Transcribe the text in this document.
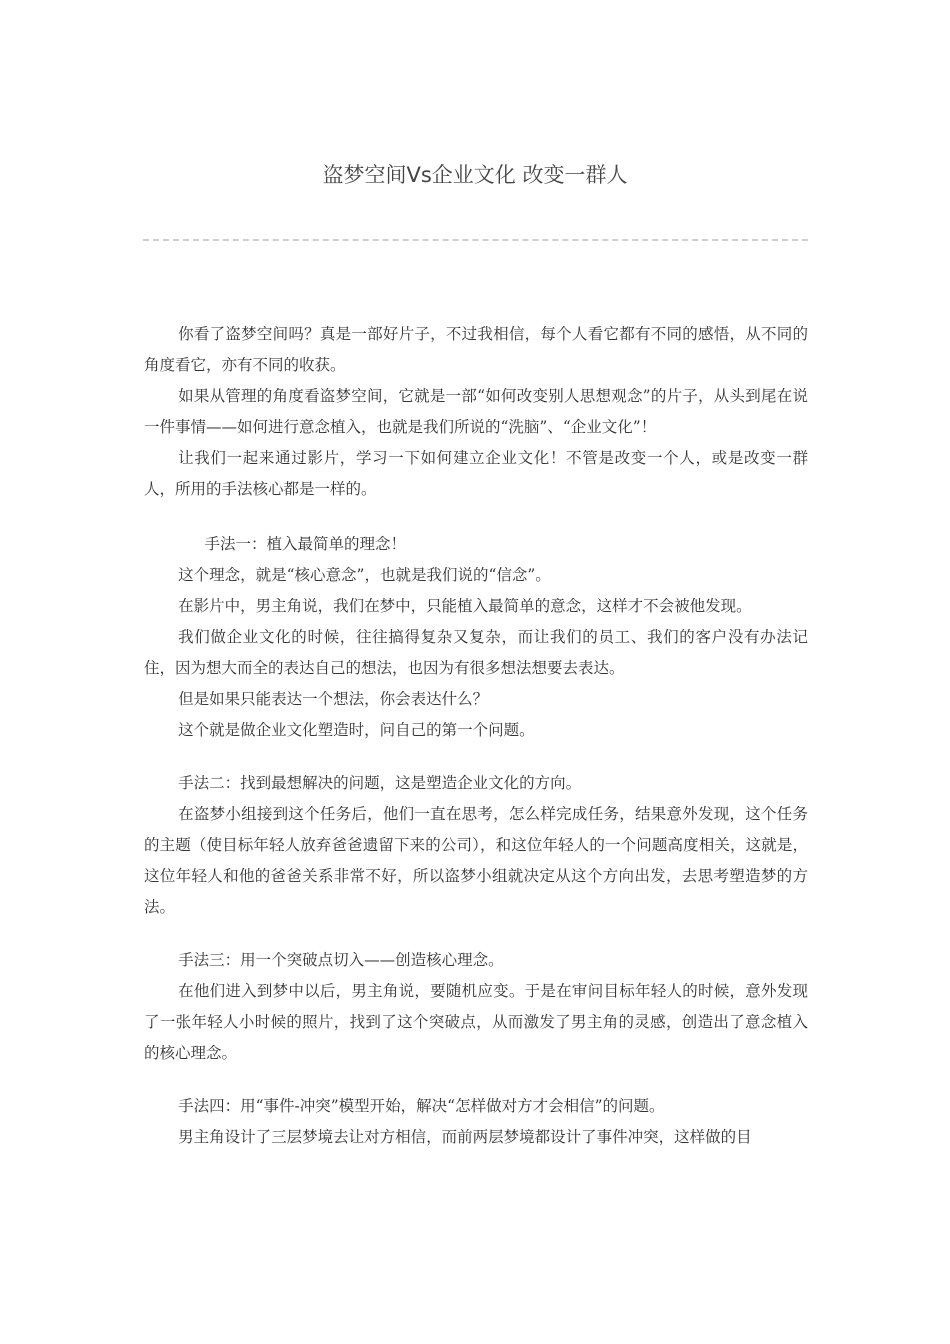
盗梦空间Vs企业文化 改变一群人

你看了盗梦空间吗？真是一部好片子，不过我相信，每个人看它都有不同的感悟，从不同的角度看它，亦有不同的收获。

如果从管理的角度看盗梦空间，它就是一部“如何改变别人思想观念”的片子，从头到尾在说一件事情——如何进行意念植入，也就是我们所说的“洗脑”、“企业文化”！

让我们一起来通过影片，学习一下如何建立企业文化！不管是改变一个人，或是改变一群人，所用的手法核心都是一样的。

手法一：植入最简单的理念！

这个理念，就是“核心意念”，也就是我们说的“信念”。

在影片中，男主角说，我们在梦中，只能植入最简单的意念，这样才不会被他发现。

我们做企业文化的时候，往往搞得复杂又复杂，而让我们的员工、我们的客户没有办法记住，因为想大而全的表达自己的想法，也因为有很多想法想要去表达。

但是如果只能表达一个想法，你会表达什么？

这个就是做企业文化塑造时，问自己的第一个问题。

手法二：找到最想解决的问题，这是塑造企业文化的方向。

在盗梦小组接到这个任务后，他们一直在思考，怎么样完成任务，结果意外发现，这个任务的主题（使目标年轻人放弃爸爸遗留下来的公司），和这位年轻人的一个问题高度相关，这就是，这位年轻人和他的爸爸关系非常不好，所以盗梦小组就决定从这个方向出发，去思考塑造梦的方法。

手法三：用一个突破点切入——创造核心理念。

在他们进入到梦中以后，男主角说，要随机应变。于是在审问目标年轻人的时候，意外发现了一张年轻人小时候的照片，找到了这个突破点，从而激发了男主角的灵感，创造出了意念植入的核心理念。

手法四：用“事件-冲突”模型开始，解决“怎样做对方才会相信”的问题。

男主角设计了三层梦境去让对方相信，而前两层梦境都设计了事件冲突，这样做的目
